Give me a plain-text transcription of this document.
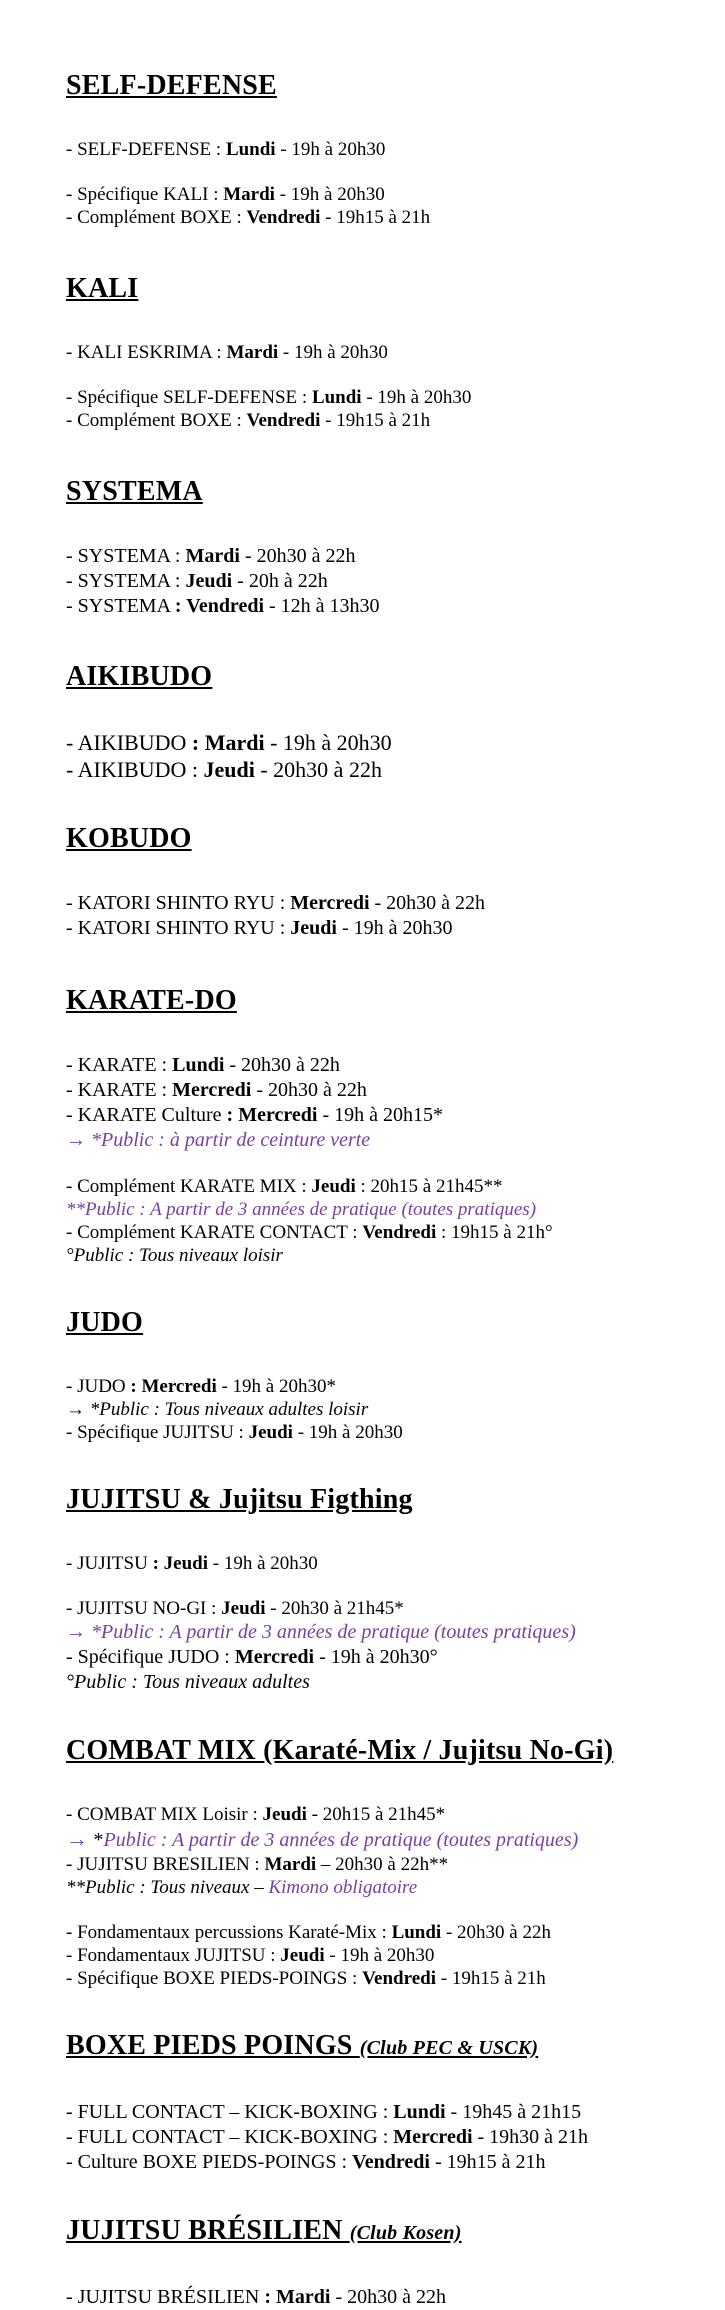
SELF-DEFENSE
- SELF-DEFENSE : Lundi - 19h à 20h30
- Spécifique KALI : Mardi - 19h à 20h30
- Complément BOXE : Vendredi - 19h15 à 21h
KALI
- KALI ESKRIMA : Mardi - 19h à 20h30
- Spécifique SELF-DEFENSE : Lundi - 19h à 20h30
- Complément BOXE : Vendredi - 19h15 à 21h
SYSTEMA
- SYSTEMA : Mardi - 20h30 à 22h
- SYSTEMA : Jeudi - 20h à 22h
- SYSTEMA : Vendredi - 12h à 13h30
AIKIBUDO
- AIKIBUDO : Mardi - 19h à 20h30
- AIKIBUDO : Jeudi - 20h30 à 22h
KOBUDO
- KATORI SHINTO RYU : Mercredi - 20h30 à 22h
- KATORI SHINTO RYU : Jeudi - 19h à 20h30
KARATE-DO
- KARATE : Lundi - 20h30 à 22h
- KARATE : Mercredi - 20h30 à 22h
- KARATE Culture : Mercredi - 19h à 20h15*
→ *Public : à partir de ceinture verte
- Complément KARATE MIX : Jeudi : 20h15 à 21h45**
**Public : A partir de 3 années de pratique (toutes pratiques)
- Complément KARATE CONTACT : Vendredi : 19h15 à 21h°
°Public : Tous niveaux loisir
JUDO
- JUDO : Mercredi - 19h à 20h30*
→ *Public : Tous niveaux adultes loisir
- Spécifique JUJITSU : Jeudi - 19h à 20h30
JUJITSU & Jujitsu Figthing
- JUJITSU : Jeudi - 19h à 20h30
- JUJITSU NO-GI : Jeudi - 20h30 à 21h45*
→ *Public : A partir de 3 années de pratique (toutes pratiques)
- Spécifique JUDO : Mercredi - 19h à 20h30°
°Public : Tous niveaux adultes
COMBAT MIX (Karaté-Mix / Jujitsu No-Gi)
- COMBAT MIX Loisir : Jeudi - 20h15 à 21h45*
→ *Public : A partir de 3 années de pratique (toutes pratiques)
- JUJITSU BRESILIEN : Mardi – 20h30 à 22h**
**Public : Tous niveaux – Kimono obligatoire
- Fondamentaux percussions Karaté-Mix : Lundi - 20h30 à 22h
- Fondamentaux JUJITSU : Jeudi - 19h à 20h30
- Spécifique BOXE PIEDS-POINGS : Vendredi - 19h15 à 21h
BOXE PIEDS POINGS (Club PEC & USCK)
- FULL CONTACT – KICK-BOXING : Lundi - 19h45 à 21h15
- FULL CONTACT – KICK-BOXING : Mercredi - 19h30 à 21h
- Culture BOXE PIEDS-POINGS : Vendredi - 19h15 à 21h
JUJITSU BRÉSILIEN (Club Kosen)
- JUJITSU BRÉSILIEN : Mardi - 20h30 à 22h
